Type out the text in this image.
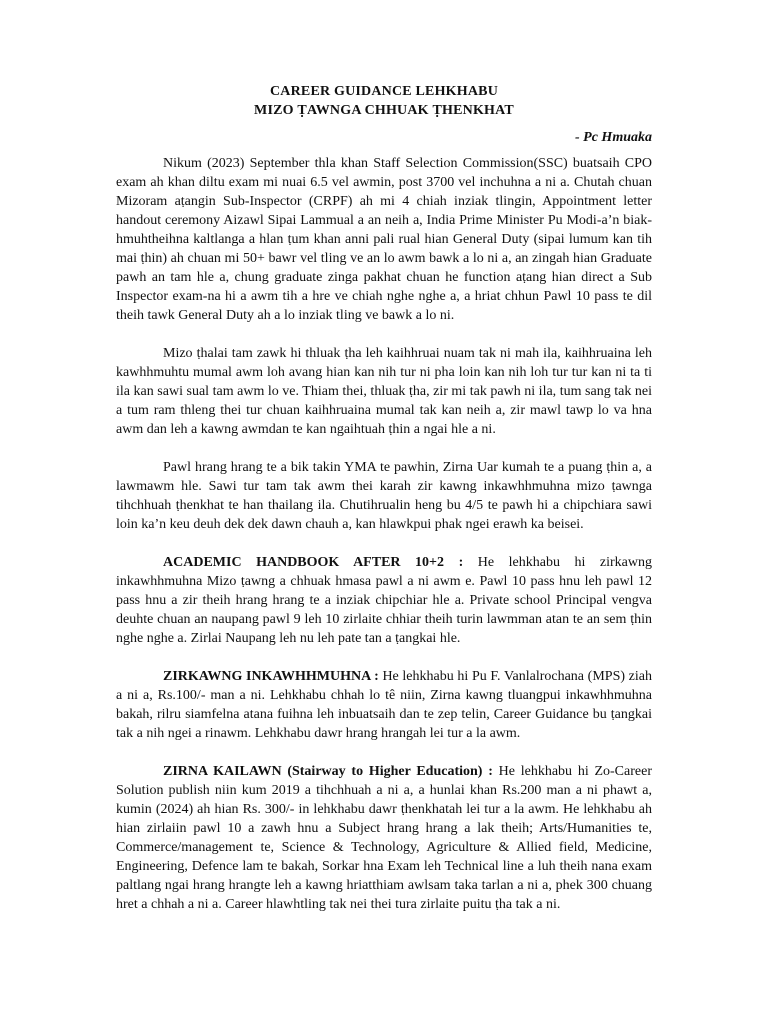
CAREER GUIDANCE LEHKHABU
MIZO ṬAWNGA CHHUAK ṬHENKHAT
- Pc Hmuaka

Nikum (2023) September thla khan Staff Selection Commission(SSC) buatsaih CPO exam ah khan diltu exam mi nuai 6.5 vel awmin, post 3700 vel inchuhna a ni a. Chutah chuan Mizoram aṭangin Sub-Inspector (CRPF) ah mi 4 chiah inziak tlingin, Appointment letter handout ceremony Aizawl Sipai Lammual a an neih a, India Prime Minister Pu Modi-a’n biak-hmuhtheihna kaltlanga a hlan ṭum khan anni pali rual hian General Duty (sipai lumum kan tih mai ṭhin) ah chuan mi 50+ bawr vel tling ve an lo awm bawk a lo ni a, an zingah hian Graduate pawh an tam hle a, chung graduate zinga pakhat chuan he function aṭang hian direct a Sub Inspector exam-na hi a awm tih a hre ve chiah nghe nghe a, a hriat chhun Pawl 10 pass te dil theih tawk General Duty ah a lo inziak tling ve bawk a lo ni.

Mizo ṭhalai tam zawk hi thluak ṭha leh kaihhruai nuam tak ni mah ila, kaihhruaina leh kawhhmuhtu mumal awm loh avang hian kan nih tur ni pha loin kan nih loh tur tur kan ni ta ti ila kan sawi sual tam awm lo ve. Thiam thei, thluak ṭha, zir mi tak pawh ni ila, tum sang tak nei a tum ram thleng thei tur chuan kaihhruaina mumal tak kan neih a, zir mawl tawp lo va hna awm dan leh a kawng awmdan te kan ngaihtuah ṭhin a ngai hle a ni.

Pawl hrang hrang te a bik takin YMA te pawhin, Zirna Uar kumah te a puang ṭhin a, a lawmawm hle. Sawi tur tam tak awm thei karah zir kawng inkawhhmuhna mizo ṭawnga tihchhuah ṭhenkhat te han thailang ila. Chutihrualin heng bu 4/5 te pawh hi a chipchiara sawi loin ka’n keu deuh dek dek dawn chauh a, kan hlawkpui phak ngei erawh ka beisei.

ACADEMIC HANDBOOK AFTER 10+2 : He lehkhabu hi zirkawng inkawhhmuhna Mizo ṭawng a chhuak hmasa pawl a ni awm e. Pawl 10 pass hnu leh pawl 12 pass hnu a zir theih hrang hrang te a inziak chipchiar hle a. Private school Principal vengva deuhte chuan an naupang pawl 9 leh 10 zirlaite chhiar theih turin lawmman atan te an sem ṭhin nghe nghe a. Zirlai Naupang leh nu leh pate tan a ṭangkai hle.

ZIRKAWNG INKAWHHMUHNA : He lehkhabu hi Pu F. Vanlalrochana (MPS) ziah a ni a, Rs.100/- man a ni. Lehkhabu chhah lo tê niin, Zirna kawng tluangpui inkawhhmuhna bakah, rilru siamfelna atana fuihna leh inbuatsaih dan te zep telin, Career Guidance bu ṭangkai tak a nih ngei a rinawm. Lehkhabu dawr hrang hrangah lei tur a la awm.

ZIRNA KAILAWN (Stairway to Higher Education) : He lehkhabu hi Zo-Career Solution publish niin kum 2019 a tihchhuah a ni a, a hunlai khan Rs.200 man a ni phawt a, kumin (2024) ah hian Rs. 300/- in lehkhabu dawr ṭhenkhatah lei tur a la awm. He lehkhabu ah hian zirlaiin pawl 10 a zawh hnu a Subject hrang hrang a lak theih; Arts/Humanities te, Commerce/management te, Science & Technology, Agriculture & Allied field, Medicine, Engineering, Defence lam te bakah, Sorkar hna Exam leh Technical line a luh theih nana exam paltlang ngai hrang hrangte leh a kawng hriatthiam awlsam taka tarlan a ni a, phek 300 chuang hret a chhah a ni a. Career hlawhtling tak nei thei tura zirlaite puitu ṭha tak a ni.
